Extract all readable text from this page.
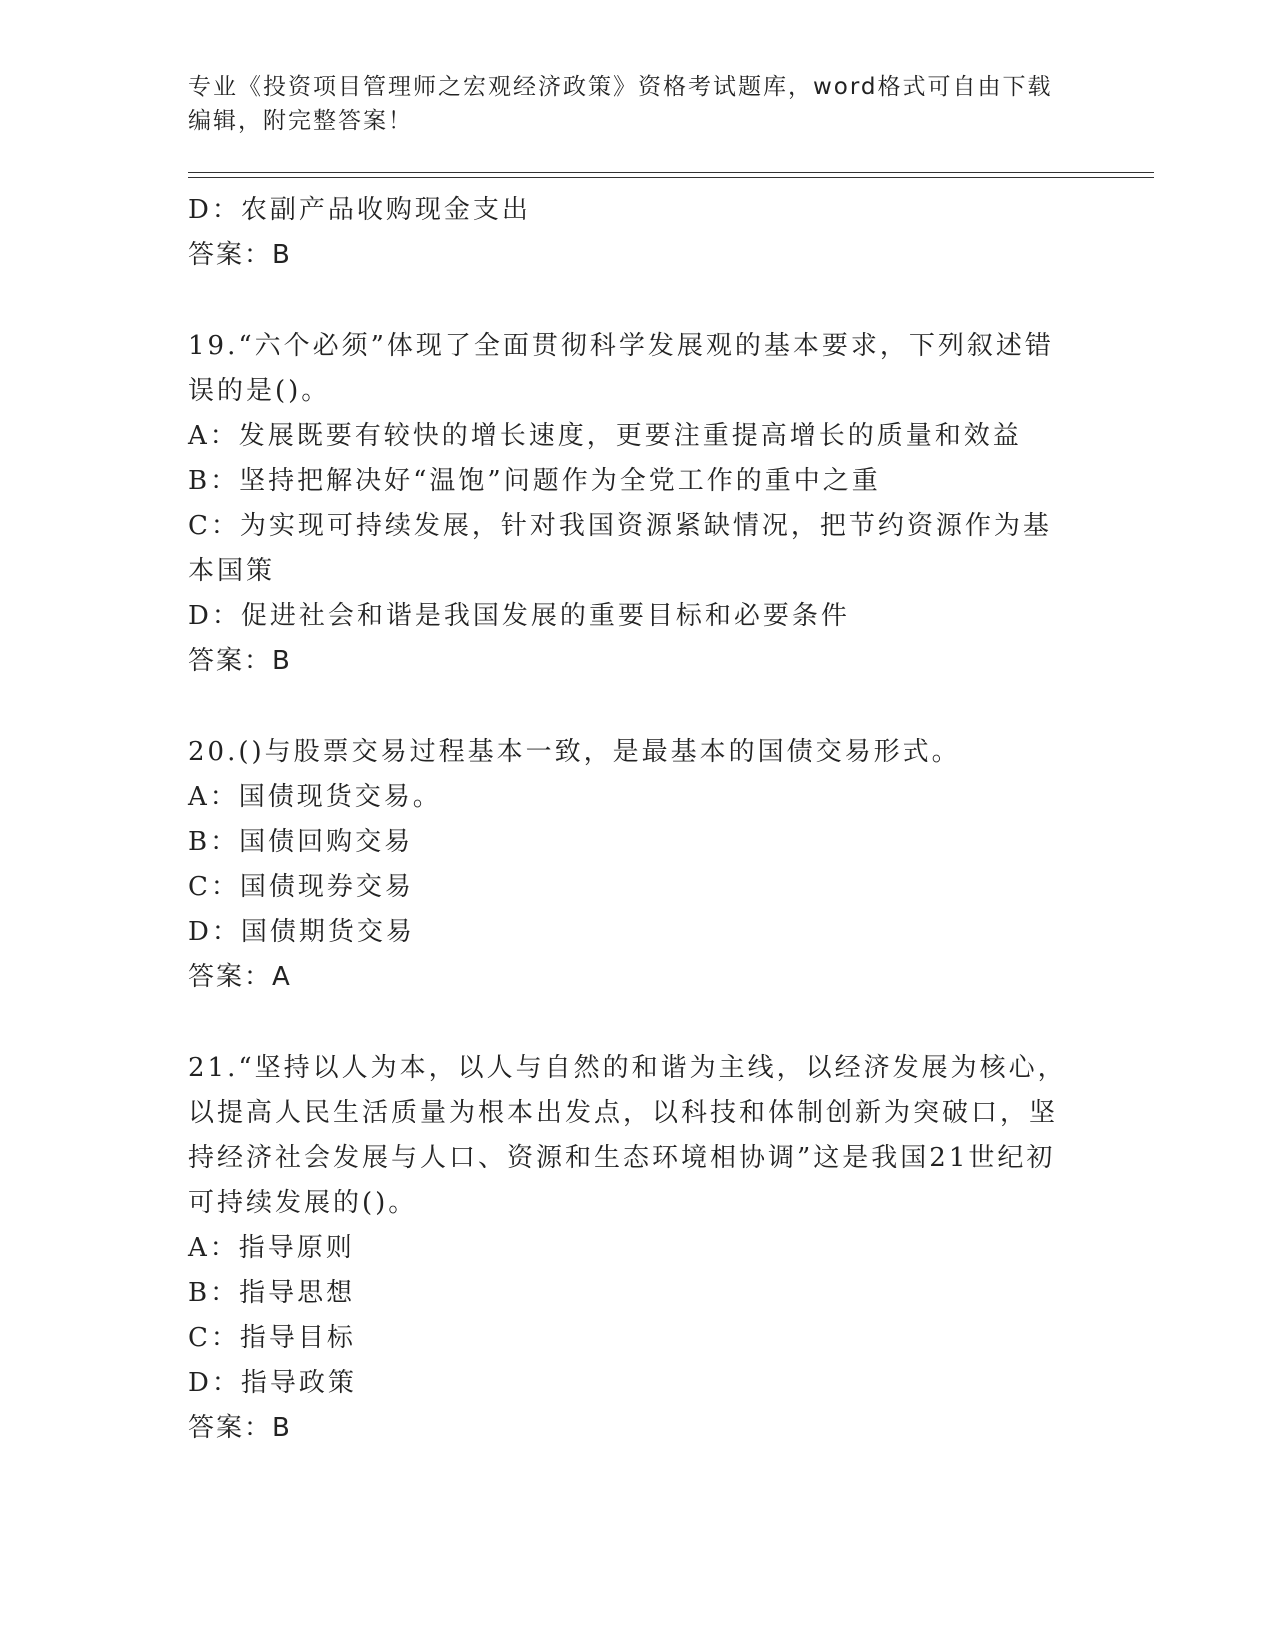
专业《投资项目管理师之宏观经济政策》资格考试题库，word格式可自由下载编辑，附完整答案！
D：农副产品收购现金支出
答案：B
19.“六个必须”体现了全面贯彻科学发展观的基本要求，下列叙述错误的是()。
A：发展既要有较快的增长速度，更要注重提高增长的质量和效益
B：坚持把解决好“温饱”问题作为全党工作的重中之重
C：为实现可持续发展，针对我国资源紧缺情况，把节约资源作为基本国策
D：促进社会和谐是我国发展的重要目标和必要条件
答案：B
20.()与股票交易过程基本一致，是最基本的国债交易形式。
A：国债现货交易。
B：国债回购交易
C：国债现券交易
D：国债期货交易
答案：A
21.“坚持以人为本，以人与自然的和谐为主线，以经济发展为核心，以提高人民生活质量为根本出发点，以科技和体制创新为突破口，坚持经济社会发展与人口、资源和生态环境相协调”这是我国21世纪初可持续发展的()。
A：指导原则
B：指导思想
C：指导目标
D：指导政策
答案：B
